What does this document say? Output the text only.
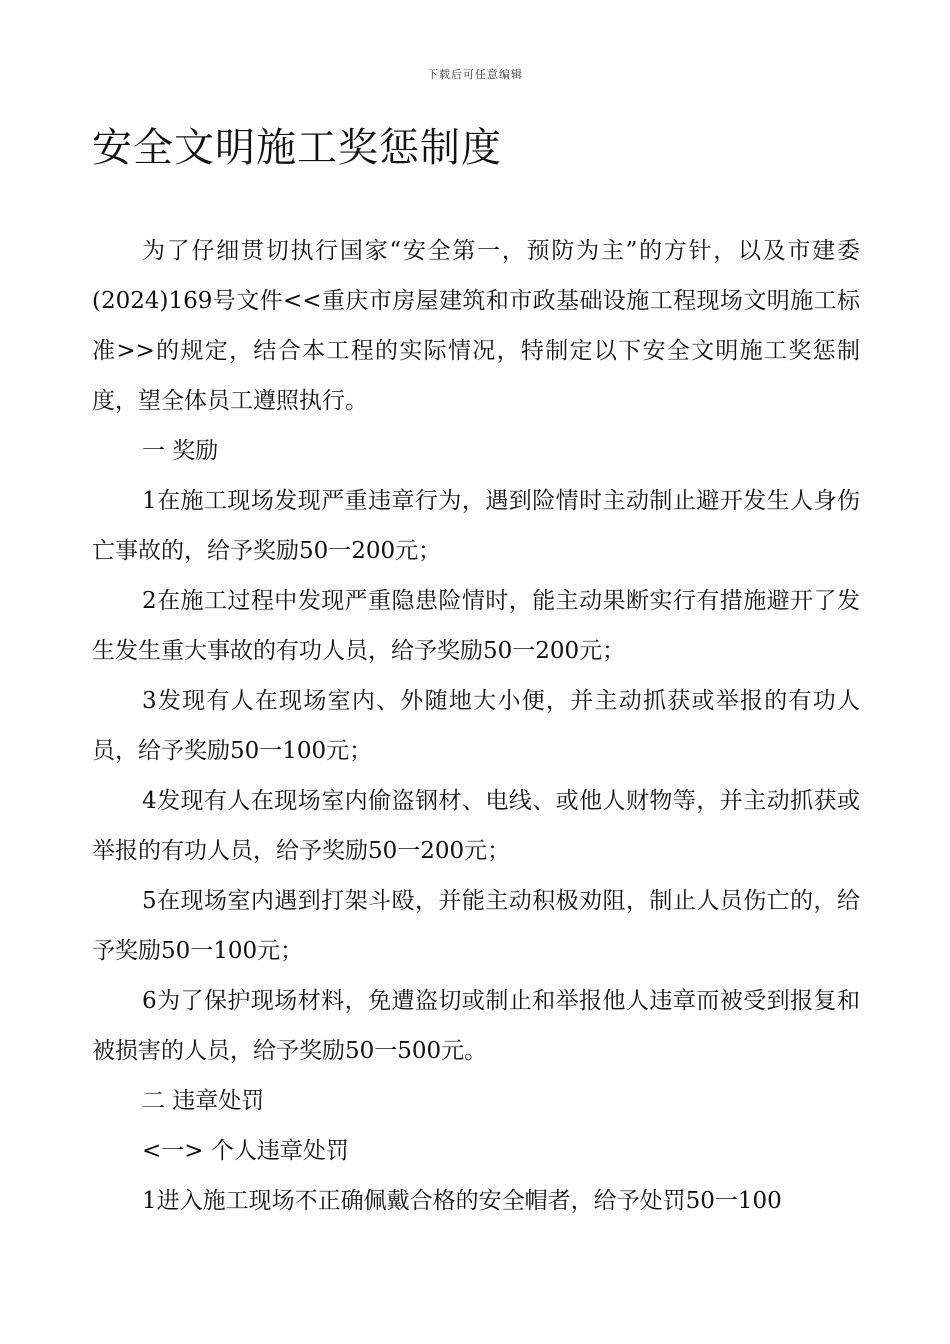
下载后可任意编辑
安全文明施工奖惩制度

为了仔细贯切执行国家“安全第一，预防为主”的方针，以及市建委(2024)169号文件<<重庆市房屋建筑和市政基础设施工程现场文明施工标准>>的规定，结合本工程的实际情况，特制定以下安全文明施工奖惩制度，望全体员工遵照执行。

一 奖励

1在施工现场发现严重违章行为，遇到险情时主动制止避开发生人身伤亡事故的，给予奖励50一200元；

2在施工过程中发现严重隐患险情时，能主动果断实行有措施避开了发生发生重大事故的有功人员，给予奖励50一200元；

3发现有人在现场室内、外随地大小便，并主动抓获或举报的有功人员，给予奖励50一100元；

4发现有人在现场室内偷盗钢材、电线、或他人财物等，并主动抓获或举报的有功人员，给予奖励50一200元；

5在现场室内遇到打架斗殴，并能主动积极劝阻，制止人员伤亡的，给予奖励50一100元；

6为了保护现场材料，免遭盗切或制止和举报他人违章而被受到报复和被损害的人员，给予奖励50一500元。

二 违章处罚

<一> 个人违章处罚

1进入施工现场不正确佩戴合格的安全帽者，给予处罚50一100
